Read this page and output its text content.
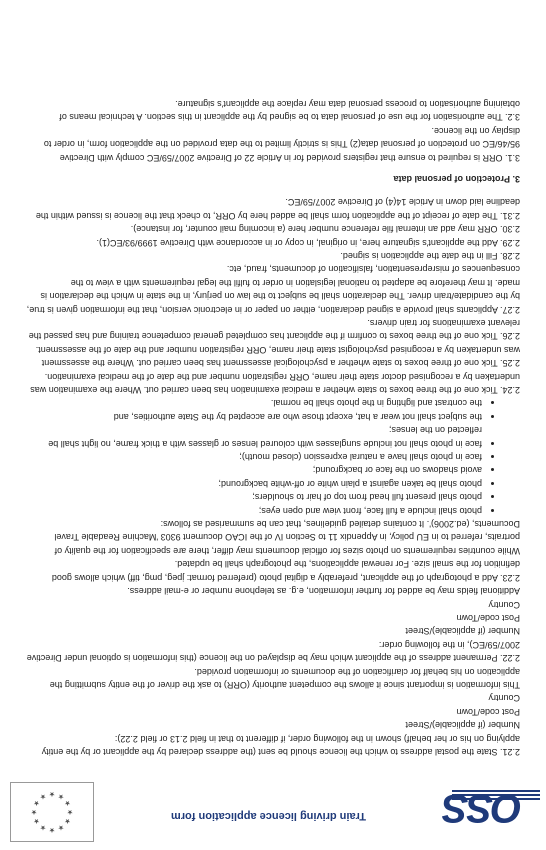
OSS
Train driving licence application form
★
★
★
★
★
★ ★ ★
★
★
★
★

2.21. State the postal address to which the licence should be sent (the address declared by the applicant or by the entity applying on his or her behalf) shown in the following order, if different to that in field 2.13 or field 2.22):

Number (if applicable)/Street

Post code/Town

Country

This information is important since it allows the competent authority (ORR) to ask the driver of the entity submitting the application on his behalf for clarification of the documents or information provided.

2.22. Permanent address of the applicant which may be displayed on the licence (this information is optional under Directive 2007/59/EC), in the following order:

Number (if applicable)/Street

Post code/Town

Country

Additional fields may be added for further information, e.g. as telephone number or e-mail address.

2.23. Add a photograph of the applicant, preferably a digital photo (preferred format: jpeg, pmg, tiff) which allows good definition for the small size. For renewal applications, the photograph shall be updated.

While countries requirements on photo sizes for official documents may differ, there are specification for the quality of portraits, referred to in EU policy, in Appendix 11 to Section IV of the ICAO document 9303 'Machine Readable Travel Documents, (ed.2006)'. It contains detailed guidelines, that can be summarised as follows:

• photo shall include a full face, front view and open eyes;
• photo shall present full head from top of hair to shoulders;
• photo shall be taken against a plain white or off-white background;
• avoid shadows on the face or background;
• face in photo shall have a natural expression (closed mouth);
• face in photo shall not include sunglasses with coloured lenses or glasses with a thick frame, no light shall be reflected on the lenses;
• the subject shall not wear a hat, except those who are accepted by the State authorities, and
• the contrast and lighting in the photo shall be normal.

2.24. Tick one of the three boxes to state whether a medical examination has been carried out. Where the examination was undertaken by a recognised doctor state their name, ORR registration number and the date of the medical examination.

2.25. Tick one of three boxes to state whether a psychological assessment has been carried out. Where the assessment was undertaken by a recognised psychologist state their name, ORR registration number and the date of the assessment.

2.26. Tick one of the three boxes to confirm if the applicant has completed general competence training and has passed the relevant examinations for train drivers.

2.27. Applicants shall provide a signed declaration, either on paper or in electronic version, that the information given is true, by the candidate/train driver. The declaration shall be subject to the law on perjury, in the state in which the declaration is made. It may therefore be adapted to national legislation in order to fulfil the legal requirements with a view to the consequences of misrepresentation, falsification of documents, fraud, etc.

2.28. Fill in the date the application is signed.

2.29. Add the applicant's signature here, in original, in copy or in accordance with Directive 1999/93/EC(1).

2.30. ORR may add an internal file reference number here (a incoming mail counter, for instance).

2.31. The date of receipt of the application form shall be added here by ORR, to check that the licence is issued within the deadline laid down in Article 14(4) of Directive 2007/59/EC.

3. Protection of personal data

3.1. ORR is required to ensure that registers provided for in Article 22 of Directive 2007/59/EC comply with Directive 95/46/EC on protection of personal data(2) This is strictly limited to the data provided on the application form, in order to display on the licence.

3.2. The authorisation for the use of personal data to be signed by the applicant in this section. A technical means of obtaining authorisation to process personal data may replace the applicant's signature.
